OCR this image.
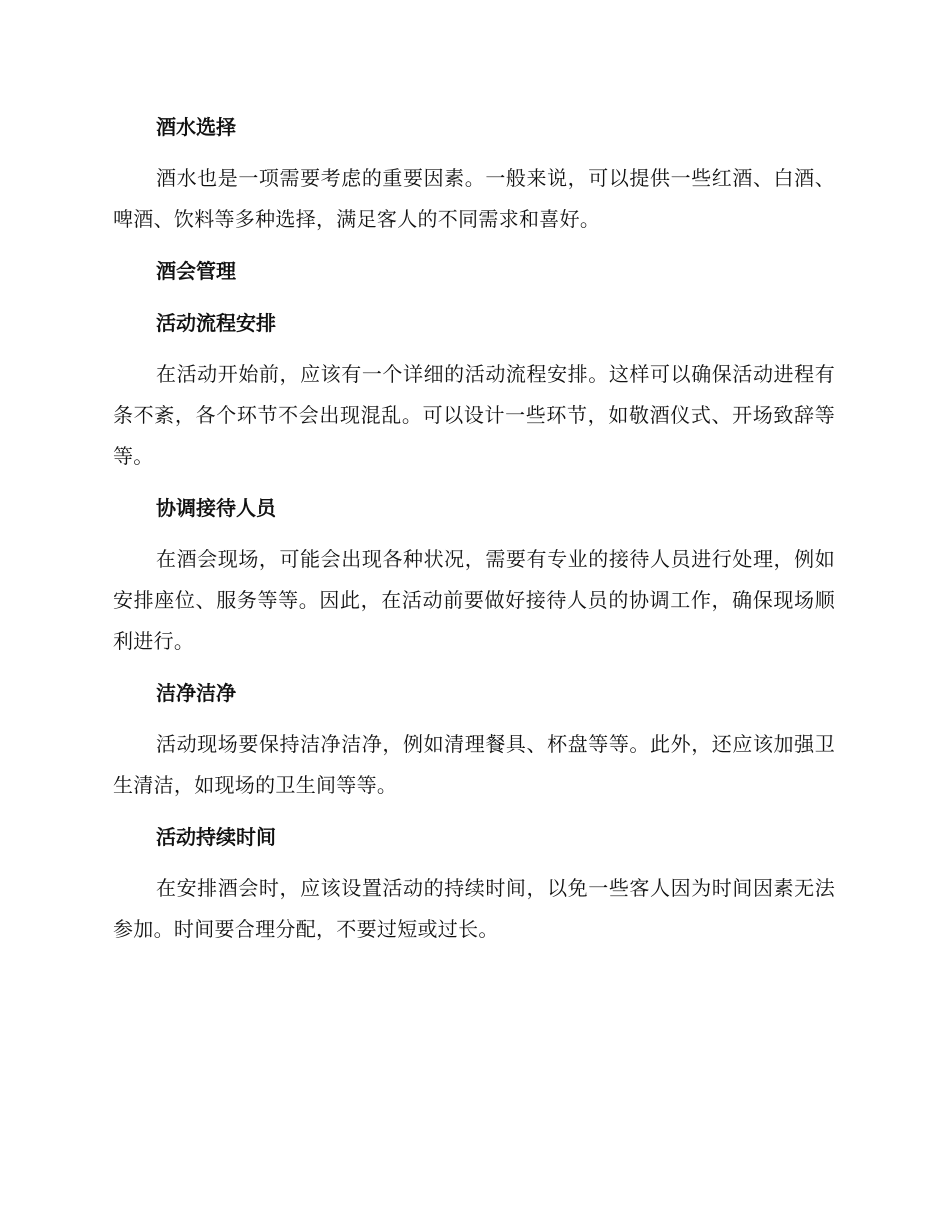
酒水选择
酒水也是一项需要考虑的重要因素。一般来说，可以提供一些红酒、白酒、啤酒、饮料等多种选择，满足客人的不同需求和喜好。
酒会管理
活动流程安排
在活动开始前，应该有一个详细的活动流程安排。这样可以确保活动进程有条不紊，各个环节不会出现混乱。可以设计一些环节，如敬酒仪式、开场致辞等等。
协调接待人员
在酒会现场，可能会出现各种状况，需要有专业的接待人员进行处理，例如安排座位、服务等等。因此，在活动前要做好接待人员的协调工作，确保现场顺利进行。
洁净洁净
活动现场要保持洁净洁净，例如清理餐具、杯盘等等。此外，还应该加强卫生清洁，如现场的卫生间等等。
活动持续时间
在安排酒会时，应该设置活动的持续时间，以免一些客人因为时间因素无法参加。时间要合理分配，不要过短或过长。
